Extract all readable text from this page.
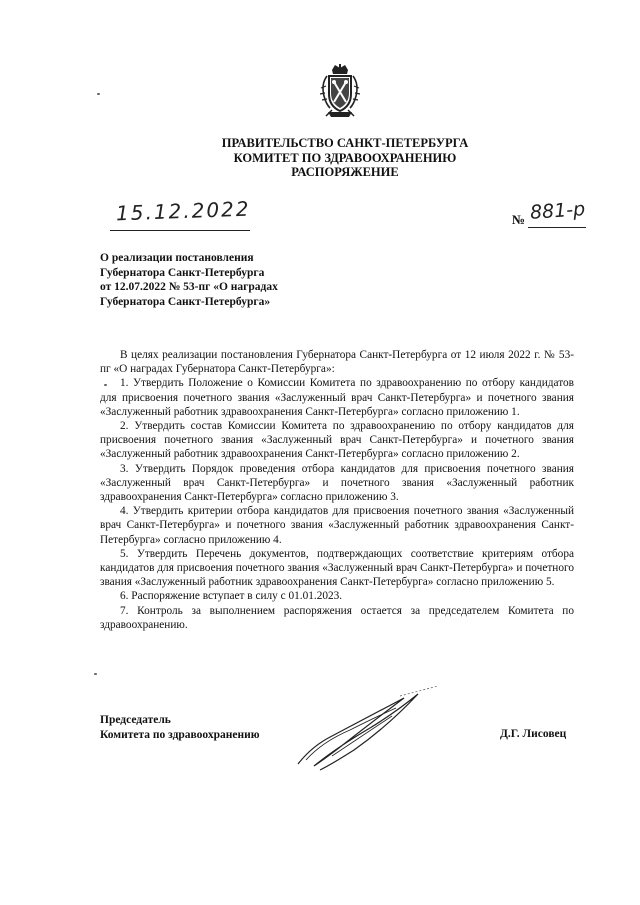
ПРАВИТЕЛЬСТВО САНКТ-ПЕТЕРБУРГА
КОМИТЕТ ПО ЗДРАВООХРАНЕНИЮ
РАСПОРЯЖЕНИЕ
15.12.2022	№ 881-р
О реализации постановления
Губернатора Санкт-Петербурга
от 12.07.2022 № 53-пг «О наградах
Губернатора Санкт-Петербурга»

В целях реализации постановления Губернатора Санкт-Петербурга от 12 июля 2022 г. № 53-пг «О наградах Губернатора Санкт-Петербурга»:

1. Утвердить Положение о Комиссии Комитета по здравоохранению по отбору кандидатов для присвоения почетного звания «Заслуженный врач Санкт-Петербурга» и почетного звания «Заслуженный работник здравоохранения Санкт-Петербурга» согласно приложению 1.

2. Утвердить состав Комиссии Комитета по здравоохранению по отбору кандидатов для присвоения почетного звания «Заслуженный врач Санкт-Петербурга» и почетного звания «Заслуженный работник здравоохранения Санкт-Петербурга» согласно приложению 2.

3. Утвердить Порядок проведения отбора кандидатов для присвоения почетного звания «Заслуженный врач Санкт-Петербурга» и почетного звания «Заслуженный работник здравоохранения Санкт-Петербурга» согласно приложению 3.

4. Утвердить критерии отбора кандидатов для присвоения почетного звания «Заслуженный врач Санкт-Петербурга» и почетного звания «Заслуженный работник здравоохранения Санкт-Петербурга» согласно приложению 4.

5. Утвердить Перечень документов, подтверждающих соответствие критериям отбора кандидатов для присвоения почетного звания «Заслуженный врач Санкт-Петербурга» и почетного звания «Заслуженный работник здравоохранения Санкт-Петербурга» согласно приложению 5.

6. Распоряжение вступает в силу с 01.01.2023.

7. Контроль за выполнением распоряжения остается за председателем Комитета по здравоохранению.

Председатель
Комитета по здравоохранению	Д.Г. Лисовец
